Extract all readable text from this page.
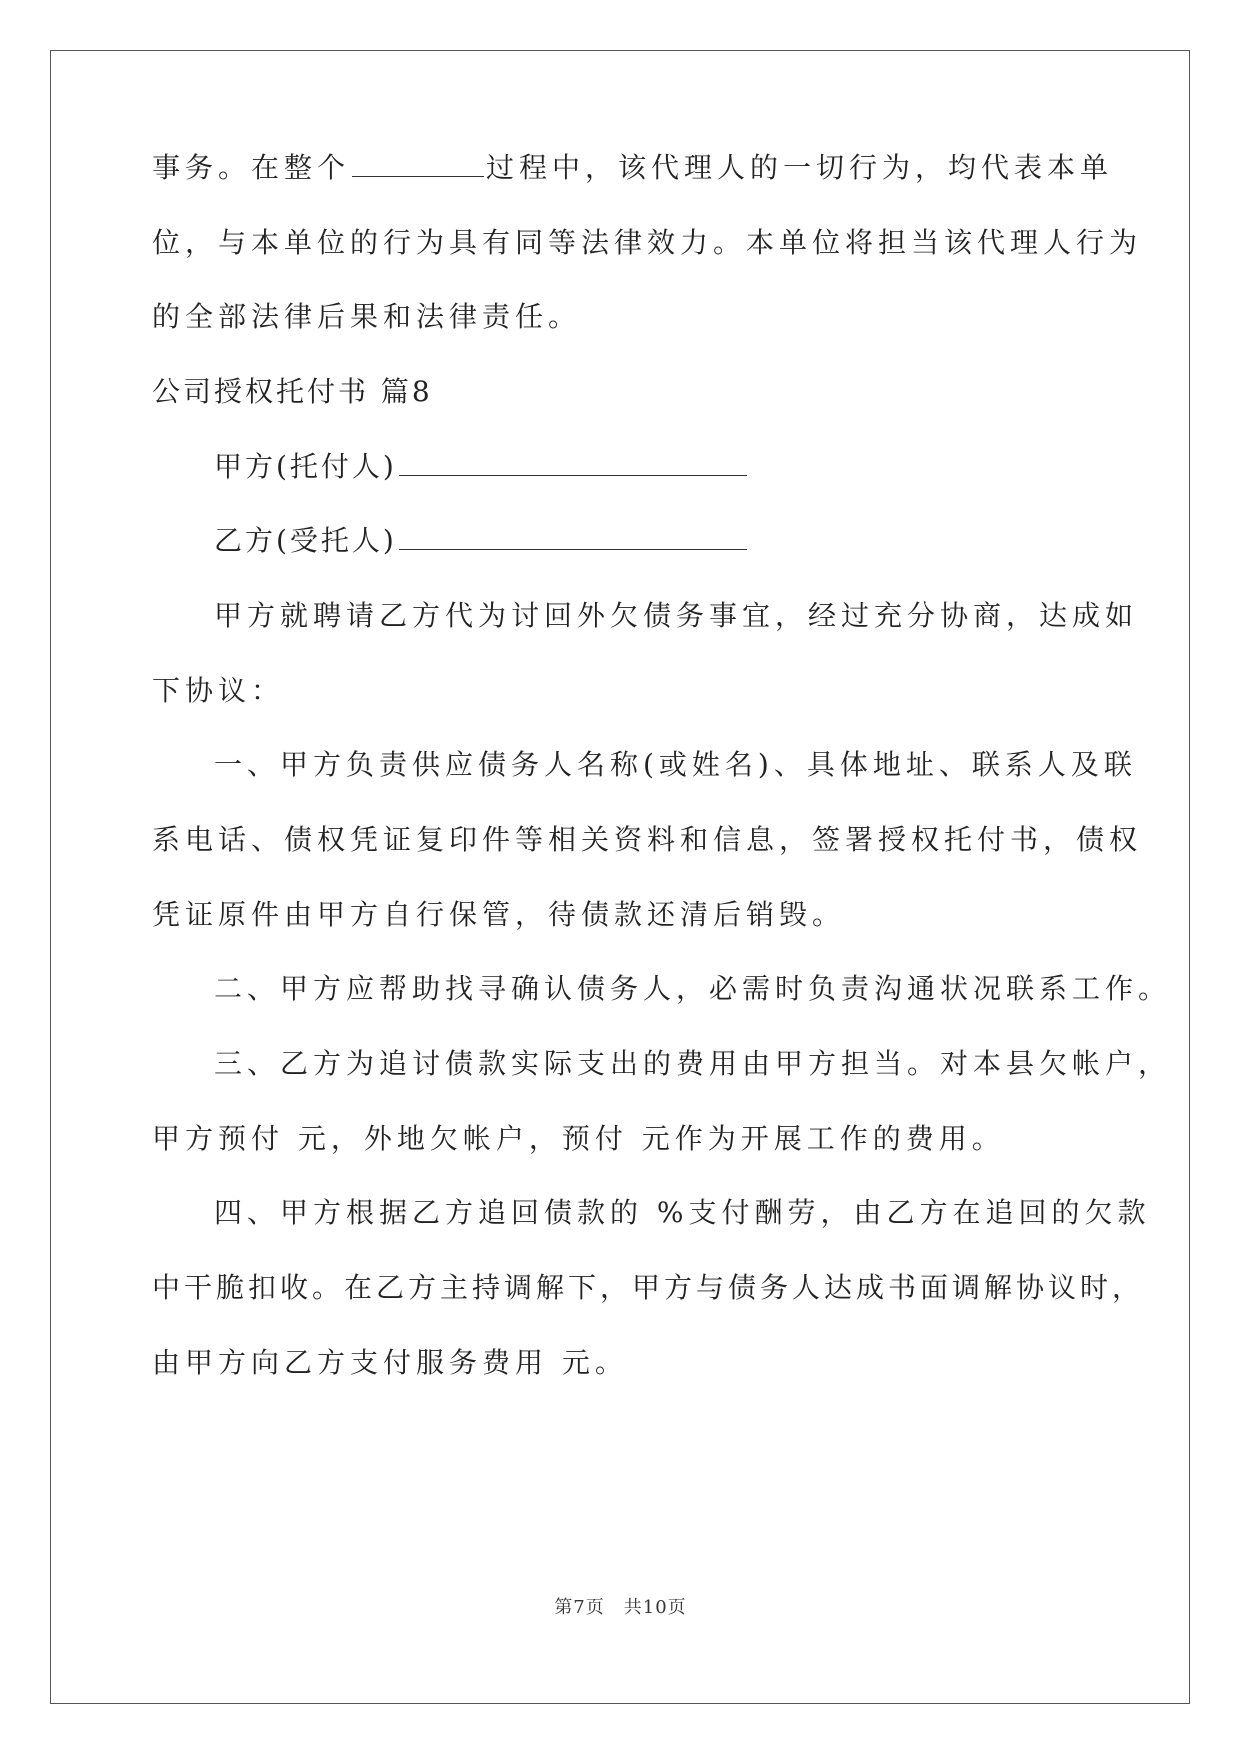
事务。在整个	过程中，该代理人的一切行为，均代表本单
位，与本单位的行为具有同等法律效力。本单位将担当该代理人行为
的全部法律后果和法律责任。
公司授权托付书 篇8
甲方(托付人)
乙方(受托人)
甲方就聘请乙方代为讨回外欠债务事宜，经过充分协商，达成如
下协议：
一、甲方负责供应债务人名称(或姓名)、具体地址、联系人及联
系电话、债权凭证复印件等相关资料和信息，签署授权托付书，债权
凭证原件由甲方自行保管，待债款还清后销毁。
二、甲方应帮助找寻确认债务人，必需时负责沟通状况联系工作。
三、乙方为追讨债款实际支出的费用由甲方担当。对本县欠帐户，
甲方预付 元，外地欠帐户，预付 元作为开展工作的费用。
四、甲方根据乙方追回债款的 %支付酬劳，由乙方在追回的欠款
中干脆扣收。在乙方主持调解下，甲方与债务人达成书面调解协议时，
由甲方向乙方支付服务费用 元。
第7页　共10页
